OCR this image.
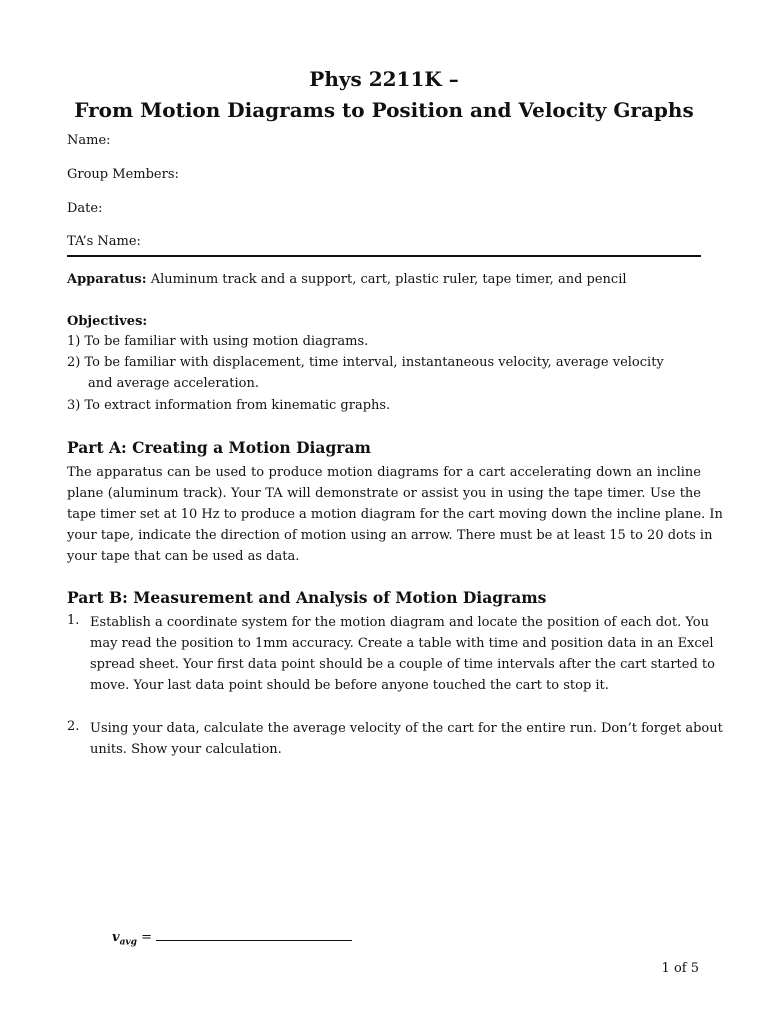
Phys 2211K –
From Motion Diagrams to Position and Velocity Graphs
Name:
Group Members:
Date:
TA’s Name:
Apparatus: Aluminum track and a support, cart, plastic ruler, tape timer, and pencil
Objectives:
1) To be familiar with using motion diagrams.
2) To be familiar with displacement, time interval, instantaneous velocity, average velocity
and average acceleration.
3) To extract information from kinematic graphs.
Part A: Creating a Motion Diagram
The apparatus can be used to produce motion diagrams for a cart accelerating down an incline
plane (aluminum track). Your TA will demonstrate or assist you in using the tape timer. Use the
tape timer set at 10 Hz to produce a motion diagram for the cart moving down the incline plane. In
your tape, indicate the direction of motion using an arrow. There must be at least 15 to 20 dots in
your tape that can be used as data.
Part B: Measurement and Analysis of Motion Diagrams
1. Establish a coordinate system for the motion diagram and locate the position of each dot. You
may read the position to 1mm accuracy. Create a table with time and position data in an Excel
spread sheet. Your first data point should be a couple of time intervals after the cart started to
move. Your last data point should be before anyone touched the cart to stop it.
2. Using your data, calculate the average velocity of the cart for the entire run. Don’t forget about
units. Show your calculation.
$v_{avg}$ =
1 of 5
